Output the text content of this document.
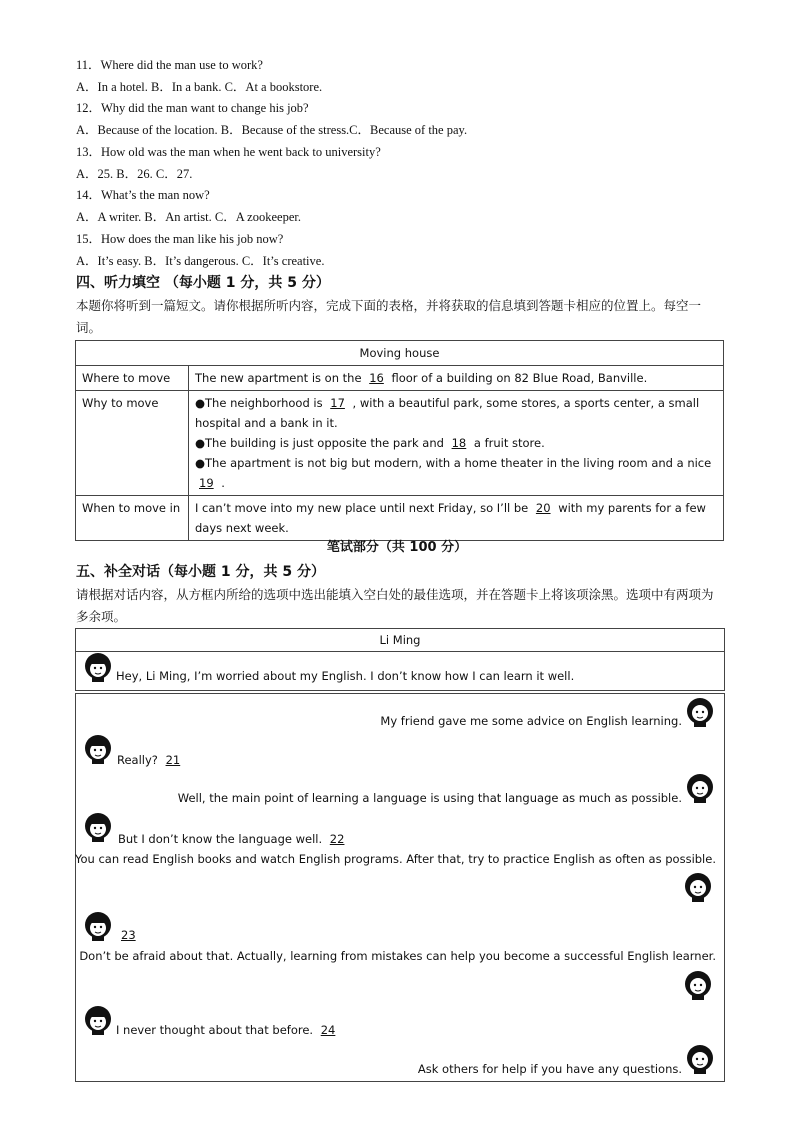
11．Where did the man use to work?
A．In a hotel. B．In a bank. C．At a bookstore.
12．Why did the man want to change his job?
A．Because of the location. B．Because of the stress.C．Because of the pay.
13．How old was the man when he went back to university?
A．25. B．26. C．27.
14．What’s the man now?
A．A writer. B．An artist. C．A zookeeper.
15．How does the man like his job now?
A．It’s easy. B．It’s dangerous. C．It’s creative.
四、听力填空 （每小题 1 分，共 5 分）
本题你将听到一篇短文。请你根据所听内容，完成下面的表格，并将获取的信息填到答题卡相应的位置上。每空一词。
Moving house	
Where to move	The new apartment is on the 16 floor of a building on 82 Blue Road, Banville.
Why to move	●The neighborhood is 17 , with a beautiful park, some stores, a sports center, a small hospital and a bank in it.
●The building is just opposite the park and 18 a fruit store.
●The apartment is not big but modern, with a home theater in the living room and a nice 19 .

When to move in	I can’t move into my new place until next Friday, so I’ll be 20 with my parents for a few days next week.
笔试部分（共 100 分）
五、补全对话（每小题 1 分，共 5 分）
请根据对话内容，从方框内所给的选项中选出能填入空白处的最佳选项，并在答题卡上将该项涂黑。选项中有两项为多余项。
Li Ming
Hey, Li Ming, I’m worried about my English. I don’t know how I can learn it well.
My friend gave me some advice on English learning.
Really? 21
Well, the main point of learning a language is using that language as much as possible.
But I don’t know the language well. 22
You can read English books and watch English programs. After that, try to practice English as often as possible.
23
Don’t be afraid about that. Actually, learning from mistakes can help you become a successful English learner.
I never thought about that before. 24
Ask others for help if you have any questions.
